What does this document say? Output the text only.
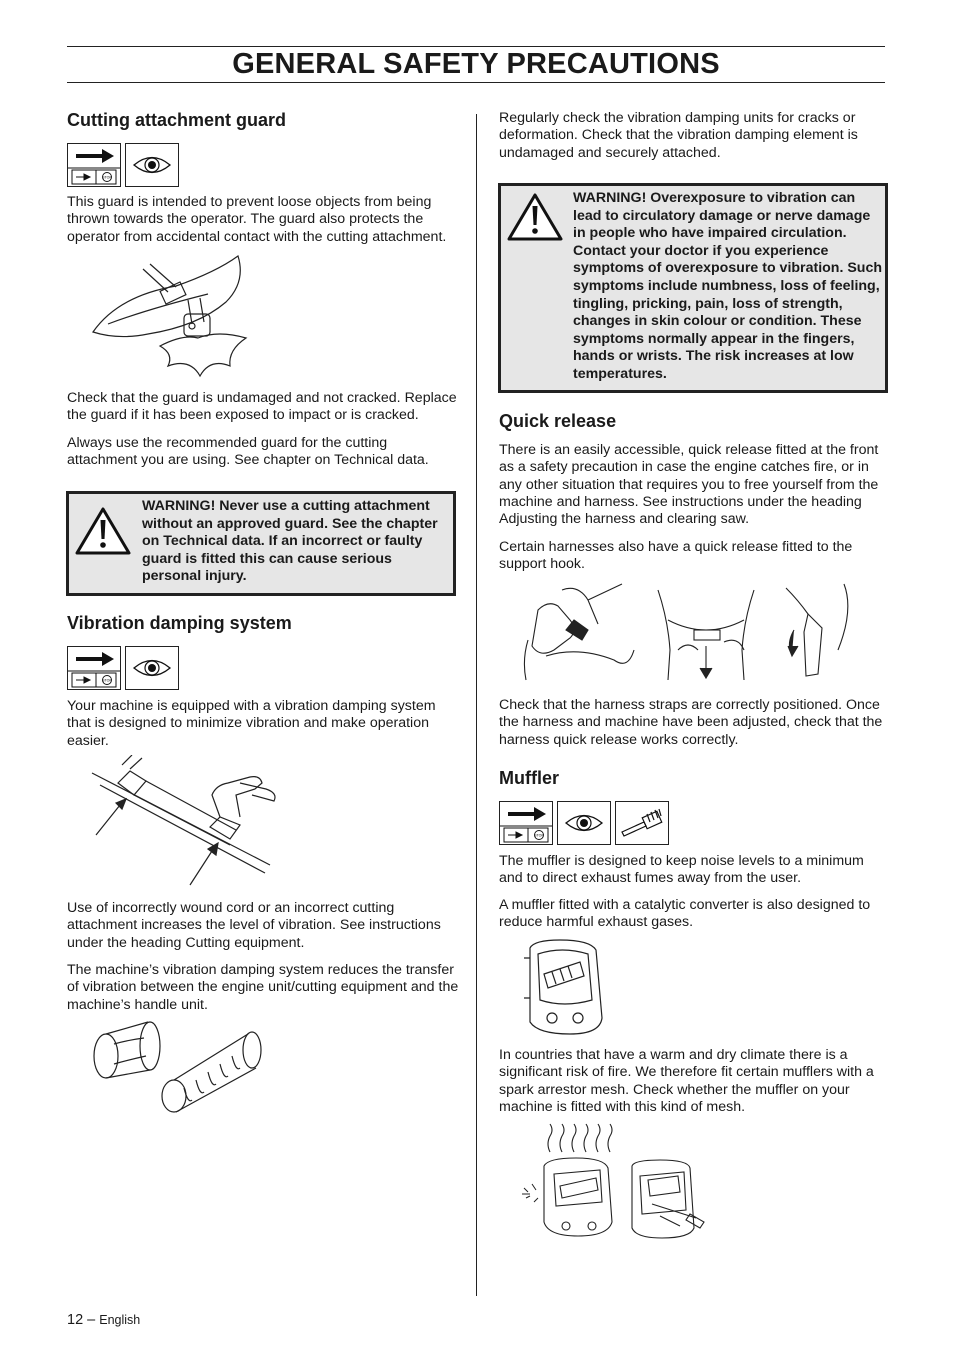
GENERAL SAFETY PRECAUTIONS
Cutting attachment guard
STOP

This guard is intended to prevent loose objects from being thrown towards the operator. The guard also protects the operator from accidental contact with the cutting attachment.

Check that the guard is undamaged and not cracked. Replace the guard if it has been exposed to impact or is cracked.

Always use the recommended guard for the cutting attachment you are using. See chapter on Technical data.

WARNING! Never use a cutting attachment without an approved guard. See the chapter on Technical data. If an incorrect or faulty guard is fitted this can cause serious personal injury.
Vibration damping system
STOP

Your machine is equipped with a vibration damping system that is designed to minimize vibration and make operation easier.

Use of incorrectly wound cord or an incorrect cutting attachment increases the level of vibration. See instructions under the heading Cutting equipment.

The machine’s vibration damping system reduces the transfer of vibration between the engine unit/cutting equipment and the machine’s handle unit.

Regularly check the vibration damping units for cracks or deformation. Check that the vibration damping element is undamaged and securely attached.

WARNING! Overexposure to vibration can lead to circulatory damage or nerve damage in people who have impaired circulation. Contact your doctor if you experience symptoms of overexposure to vibration. Such symptoms include numbness, loss of feeling, tingling, pricking, pain, loss of strength, changes in skin colour or condition. These symptoms normally appear in the fingers, hands or wrists. The risk increases at low temperatures.
Quick release

There is an easily accessible, quick release fitted at the front as a safety precaution in case the engine catches fire, or in any other situation that requires you to free yourself from the machine and harness. See instructions under the heading Adjusting the harness and clearing saw.

Certain harnesses also have a quick release fitted to the support hook.

Check that the harness straps are correctly positioned. Once the harness and machine have been adjusted, check that the harness quick release works correctly.

Muffler
STOP

The muffler is designed to keep noise levels to a minimum and to direct exhaust fumes away from the user.

A muffler fitted with a catalytic converter is also designed to reduce harmful exhaust gases.

In countries that have a warm and dry climate there is a significant risk of fire. We therefore fit certain mufflers with a spark arrestor mesh. Check whether the muffler on your machine is fitted with this kind of mesh.

12 – English
